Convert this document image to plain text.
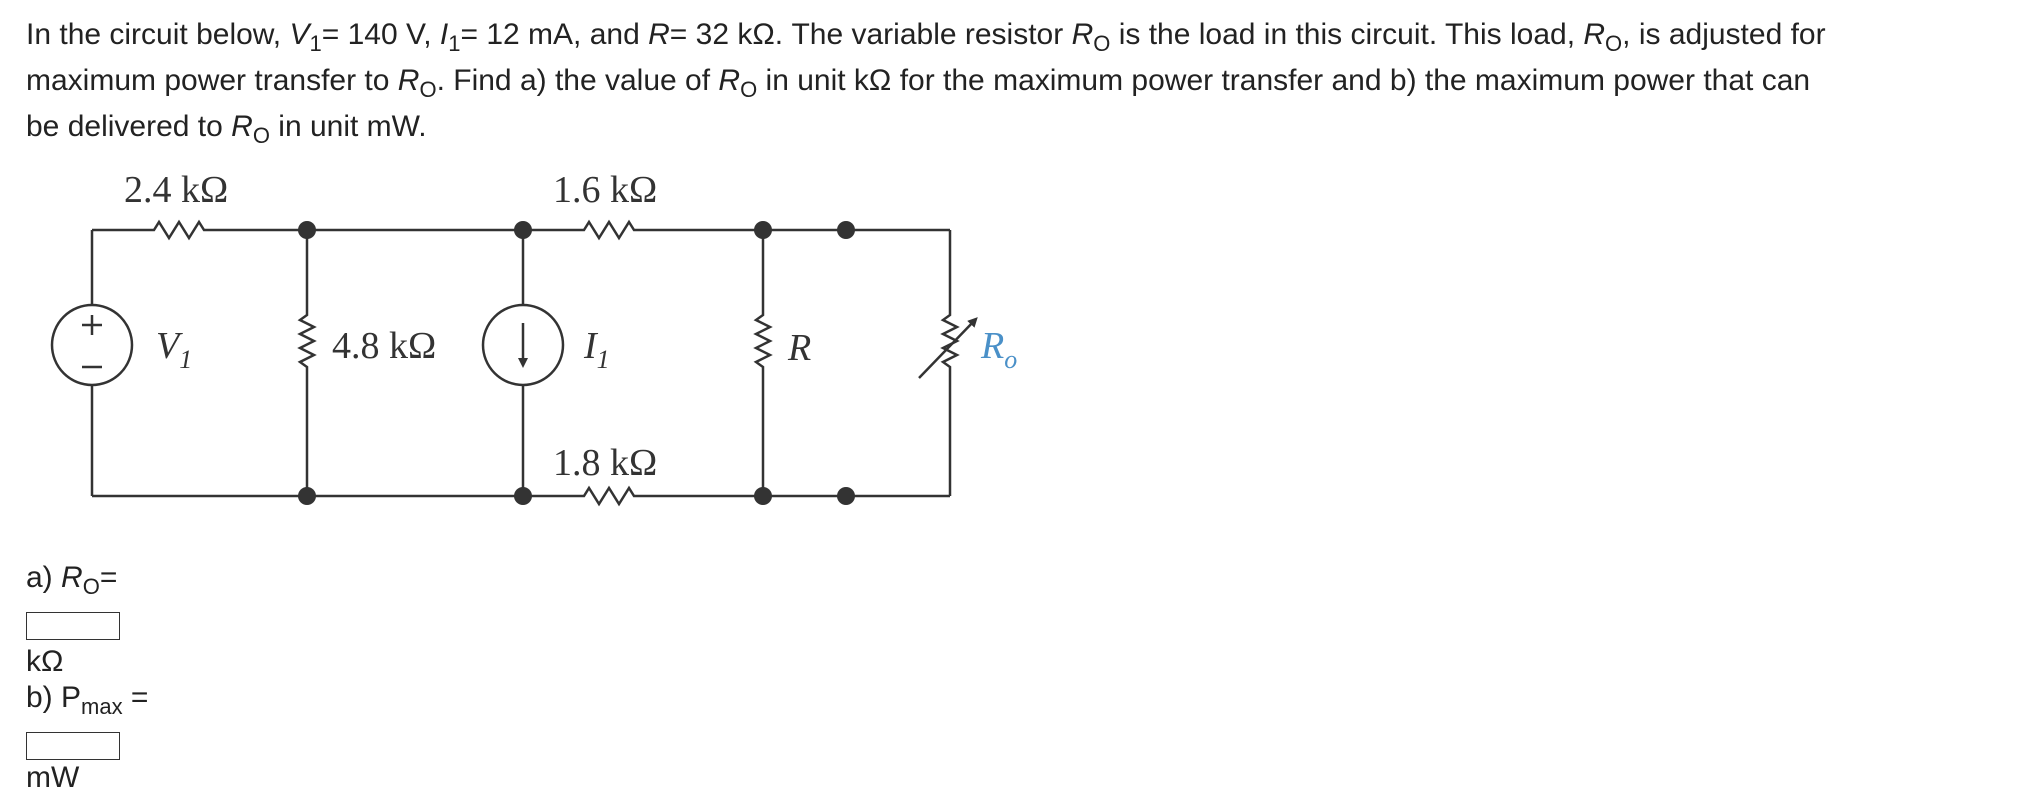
In the circuit below, $V_1= 140$ V, $I_1= 12$ mA, and R= 32 kΩ. The variable resistor $R_O$ is the load in this circuit. This load, $R_O$, is adjusted for
maximum power transfer to $R_O$. Find a) the value of $R_O$ in unit kΩ for the maximum power transfer and b) the maximum power that can
be delivered to $R_O$ in unit mW.
2.4 kΩ	1.6 kΩ
1.8 kΩ
4.8 kΩ
$V_1$	$I_1$	R	$R_o$
a) $R_O=$
kΩ
b) $P_{max}$ =
mW
